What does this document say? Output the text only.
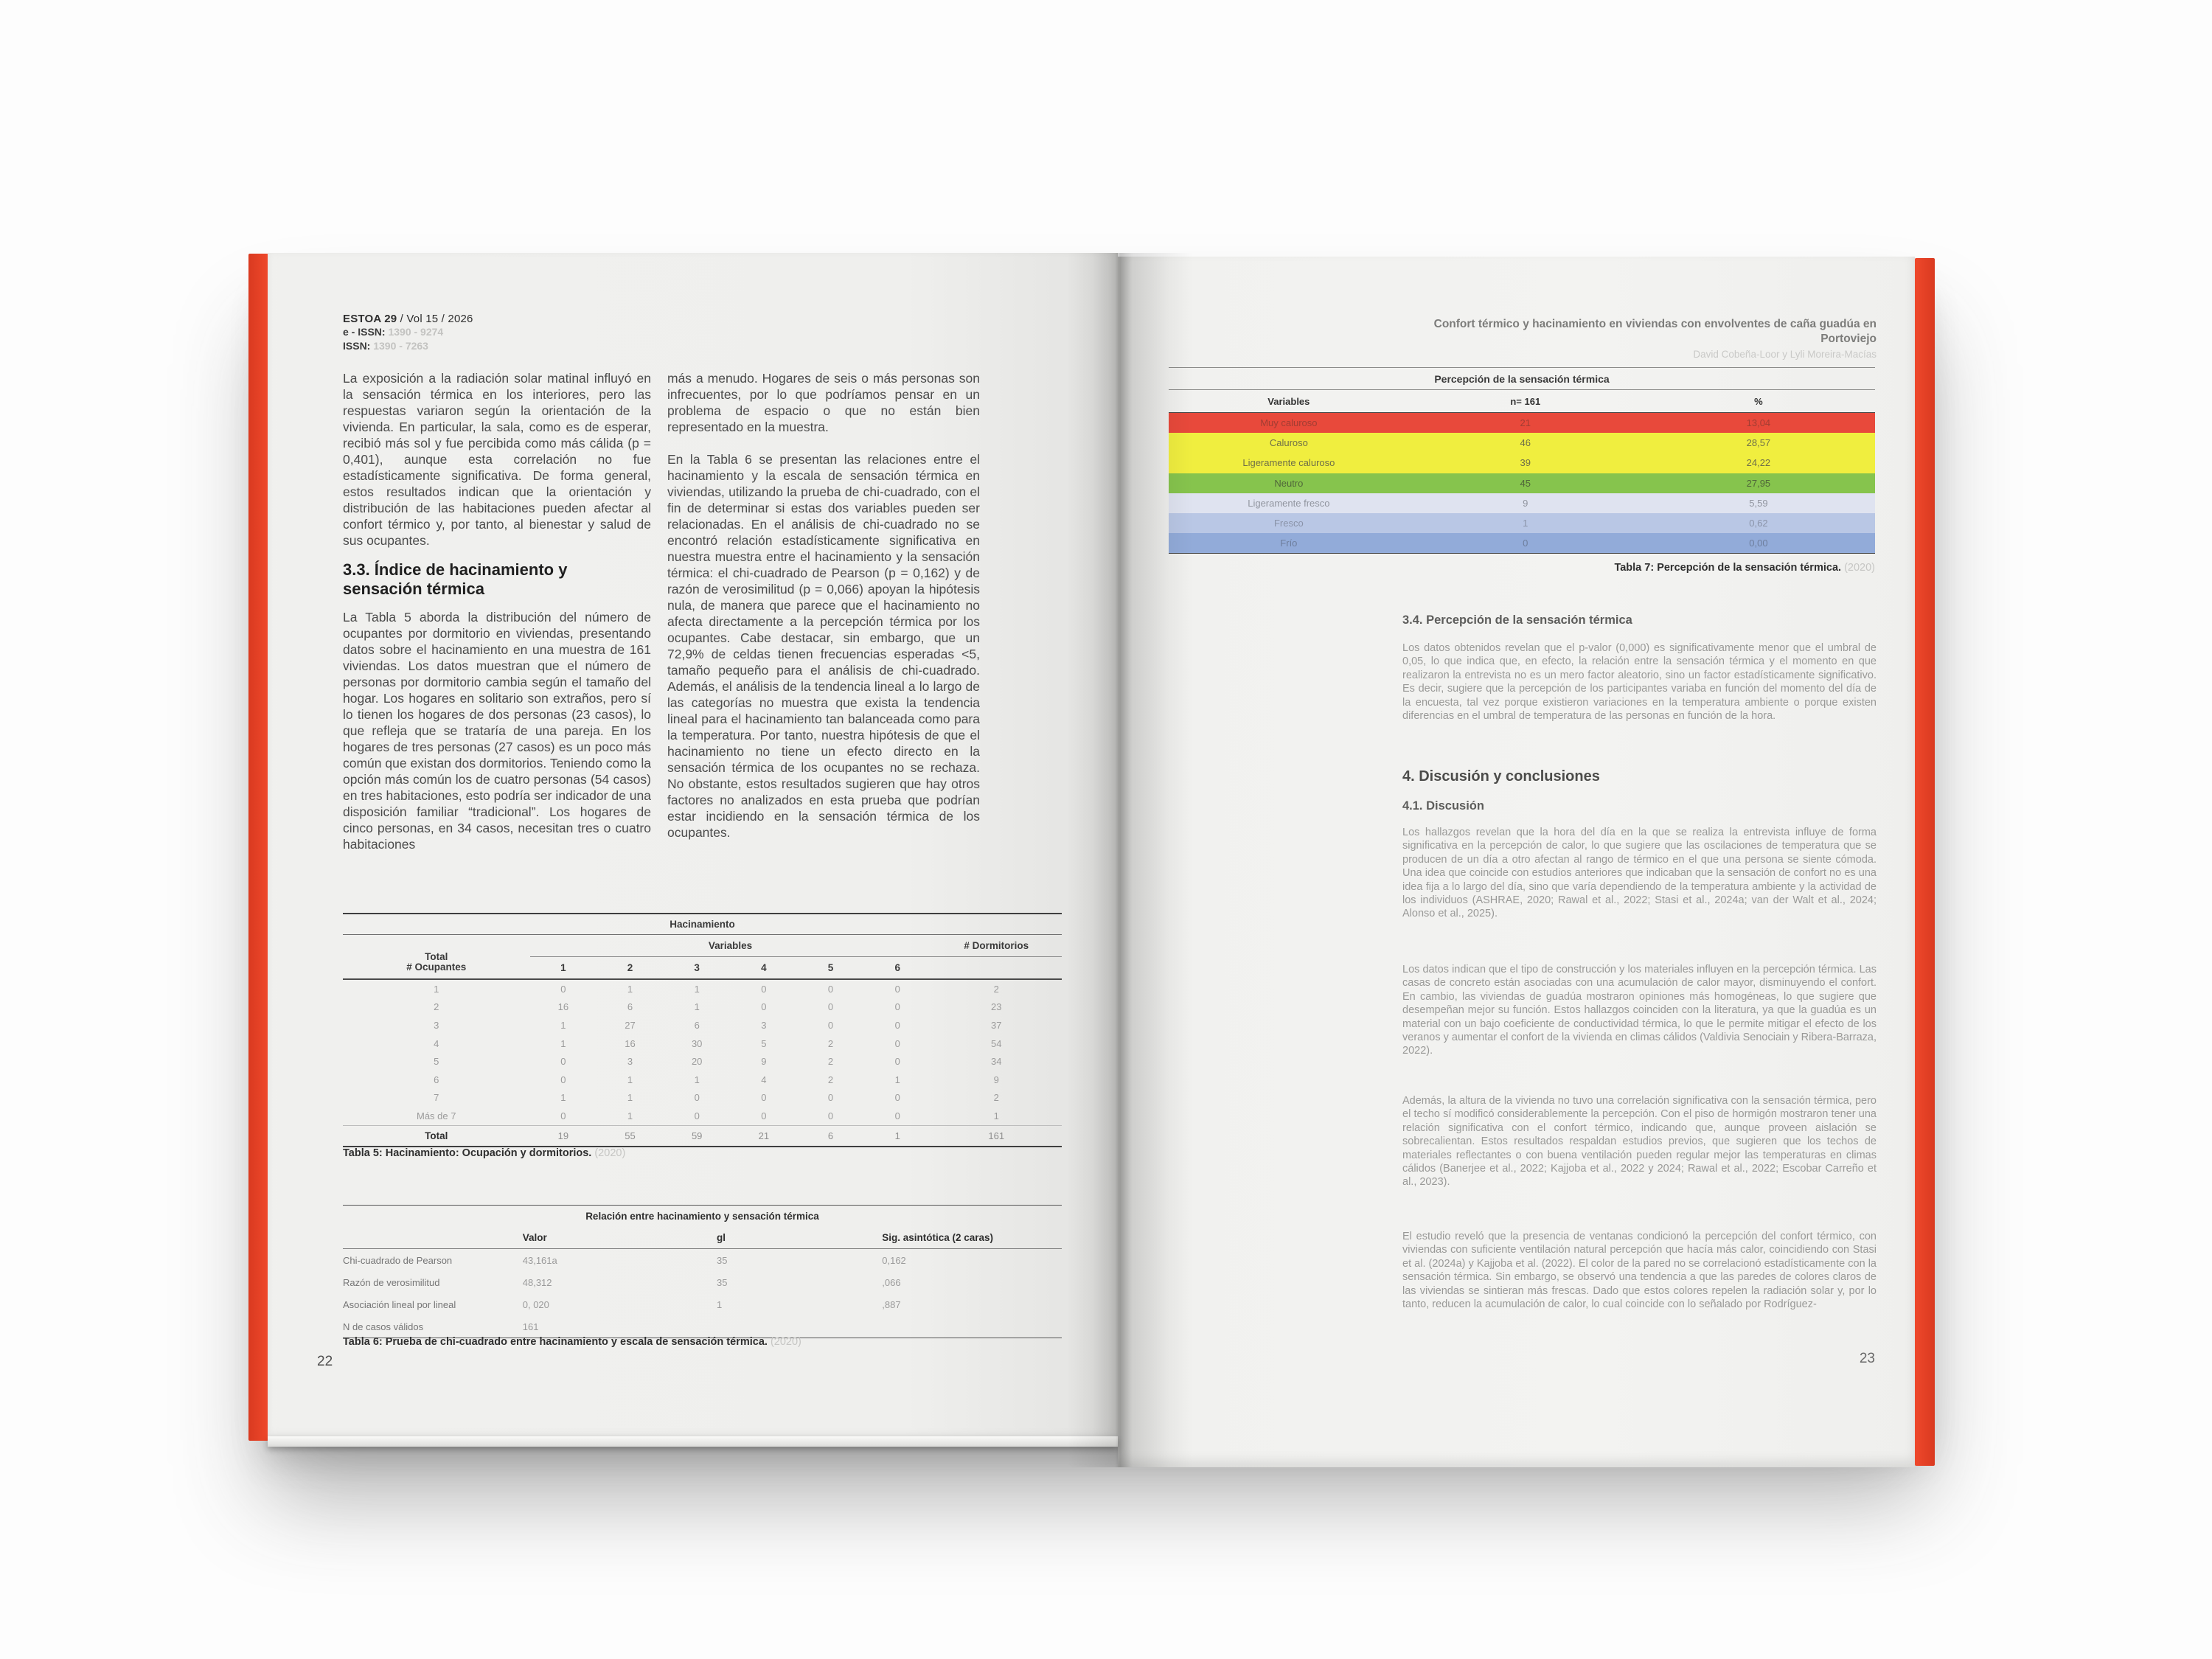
ESTOA 29 / Vol 15 / 2026
e - ISSN: 1390 - 9274
ISSN: 1390 - 7263

La exposición a la radiación solar matinal influyó en la sensación térmica en los interiores, pero las respuestas variaron según la orientación de la vivienda. En particular, la sala, como es de esperar, recibió más sol y fue percibida como más cálida (p = 0,401), aunque esta correlación no fue estadísticamente significativa. De forma general, estos resultados indican que la orientación y distribución de las habitaciones pueden afectar al confort térmico y, por tanto, al bienestar y salud de sus ocupantes.

3.3. Índice de hacinamiento y sensación térmica

La Tabla 5 aborda la distribución del número de ocupantes por dormitorio en viviendas, presentando datos sobre el hacinamiento en una muestra de 161 viviendas. Los datos muestran que el número de personas por dormitorio cambia según el tamaño del hogar. Los hogares en solitario son extraños, pero sí lo tienen los hogares de dos personas (23 casos), lo que refleja que se trataría de una pareja. En los hogares de tres personas (27 casos) es un poco más común que existan dos dormitorios. Teniendo como la opción más común los de cuatro personas (54 casos) en tres habitaciones, esto podría ser indicador de una disposición familiar “tradicional”. Los hogares de cinco personas, en 34 casos, necesitan tres o cuatro habitaciones

más a menudo. Hogares de seis o más personas son infrecuentes, por lo que podríamos pensar en un problema de espacio o que no están bien representado en la muestra.

En la Tabla 6 se presentan las relaciones entre el hacinamiento y la escala de sensación térmica en viviendas, utilizando la prueba de chi-cuadrado, con el fin de determinar si estas dos variables pueden ser relacionadas. En el análisis de chi-cuadrado no se encontró relación estadísticamente significativa en nuestra muestra entre el hacinamiento y la sensación térmica: el chi-cuadrado de Pearson (p = 0,162) y de razón de verosimilitud (p = 0,066) apoyan la hipótesis nula, de manera que parece que el hacinamiento no afecta directamente a la percepción térmica por los ocupantes. Cabe destacar, sin embargo, que un 72,9% de celdas tienen frecuencias esperadas <5, tamaño pequeño para el análisis de chi-cuadrado. Además, el análisis de la tendencia lineal a lo largo de las categorías no muestra que exista la tendencia lineal para el hacinamiento tan balanceada como para la temperatura. Por tanto, nuestra hipótesis de que el hacinamiento no tiene un efecto directo en la sensación térmica de los ocupantes no se rechaza. No obstante, estos resultados sugieren que hay otros factores no analizados en esta prueba que podrían estar incidiendo en la sensación térmica de los ocupantes.

Hacinamiento
Variables	# Dormitorios
Total
# Ocupantes	1	2	3	4	5	6
1	0	1	1	0	0	0	2
2	16	6	1	0	0	0	23
3	1	27	6	3	0	0	37
4	1	16	30	5	2	0	54
5	0	3	20	9	2	0	34
6	0	1	1	4	2	1	9
7	1	1	0	0	0	0	2
Más de 7	0	1	0	0	0	0	1
Total	19	55	59	21	6	1	161
Tabla 5: Hacinamiento: Ocupación y dormitorios. (2020)
Relación entre hacinamiento y sensación térmica
Valor	gl	Sig. asintótica (2 caras)
Chi-cuadrado de Pearson	43,161a	35	0,162
Razón de verosimilitud	48,312	35	,066
Asociación lineal por lineal	0, 020	1	,887
N de casos válidos	161
Tabla 6: Prueba de chi-cuadrado entre hacinamiento y escala de sensación térmica. (2020)
22
Confort térmico y hacinamiento en viviendas con envolventes de caña guadúa en Portoviejo
David Cobeña-Loor y Lyli Moreira-Macías
Percepción de la sensación térmica
Variables	n= 161	%
Muy caluroso	21	13,04
Caluroso	46	28,57
Ligeramente caluroso	39	24,22
Neutro	45	27,95
Ligeramente fresco	9	5,59
Fresco	1	0,62
Frío	0	0,00
Tabla 7: Percepción de la sensación térmica. (2020)
3.4. Percepción de la sensación térmica

Los datos obtenidos revelan que el p-valor (0,000) es significativamente menor que el umbral de 0,05, lo que indica que, en efecto, la relación entre la sensación térmica y el momento en que realizaron la entrevista no es un mero factor aleatorio, sino un factor estadísticamente significativo. Es decir, sugiere que la percepción de los participantes variaba en función del momento del día de la encuesta, tal vez porque existieron variaciones en la temperatura ambiente o porque existen diferencias en el umbral de temperatura de las personas en función de la hora.

4. Discusión y conclusiones
4.1. Discusión

Los hallazgos revelan que la hora del día en la que se realiza la entrevista influye de forma significativa en la percepción de calor, lo que sugiere que las oscilaciones de temperatura que se producen de un día a otro afectan al rango de térmico en el que una persona se siente cómoda. Una idea que coincide con estudios anteriores que indicaban que la sensación de confort no es una idea fija a lo largo del día, sino que varía dependiendo de la temperatura ambiente y la actividad de los individuos (ASHRAE, 2020; Rawal et al., 2022; Stasi et al., 2024a; van der Walt et al., 2024; Alonso et al., 2025).

Los datos indican que el tipo de construcción y los materiales influyen en la percepción térmica. Las casas de concreto están asociadas con una acumulación de calor mayor, disminuyendo el confort. En cambio, las viviendas de guadúa mostraron opiniones más homogéneas, lo que sugiere que desempeñan mejor su función. Estos hallazgos coinciden con la literatura, ya que la guadúa es un material con un bajo coeficiente de conductividad térmica, lo que le permite mitigar el efecto de los veranos y aumentar el confort de la vivienda en climas cálidos (Valdivia Senociain y Ribera-Barraza, 2022).

Además, la altura de la vivienda no tuvo una correlación significativa con la sensación térmica, pero el techo sí modificó considerablemente la percepción. Con el piso de hormigón mostraron tener una relación significativa con el confort térmico, indicando que, aunque proveen aislación se sobrecalientan. Estos resultados respaldan estudios previos, que sugieren que los techos de materiales reflectantes o con buena ventilación pueden regular mejor las temperaturas en climas cálidos (Banerjee et al., 2022; Kajjoba et al., 2022 y 2024; Rawal et al., 2022; Escobar Carreño et al., 2023).

El estudio reveló que la presencia de ventanas condicionó la percepción del confort térmico, con viviendas con suficiente ventilación natural percepción que hacía más calor, coincidiendo con Stasi et al. (2024a) y Kajjoba et al. (2022). El color de la pared no se correlacionó estadísticamente con la sensación térmica. Sin embargo, se observó una tendencia a que las paredes de colores claros de las viviendas se sintieran más frescas. Dado que estos colores repelen la radiación solar y, por lo tanto, reducen la acumulación de calor, lo cual coincide con lo señalado por Rodríguez-

23
